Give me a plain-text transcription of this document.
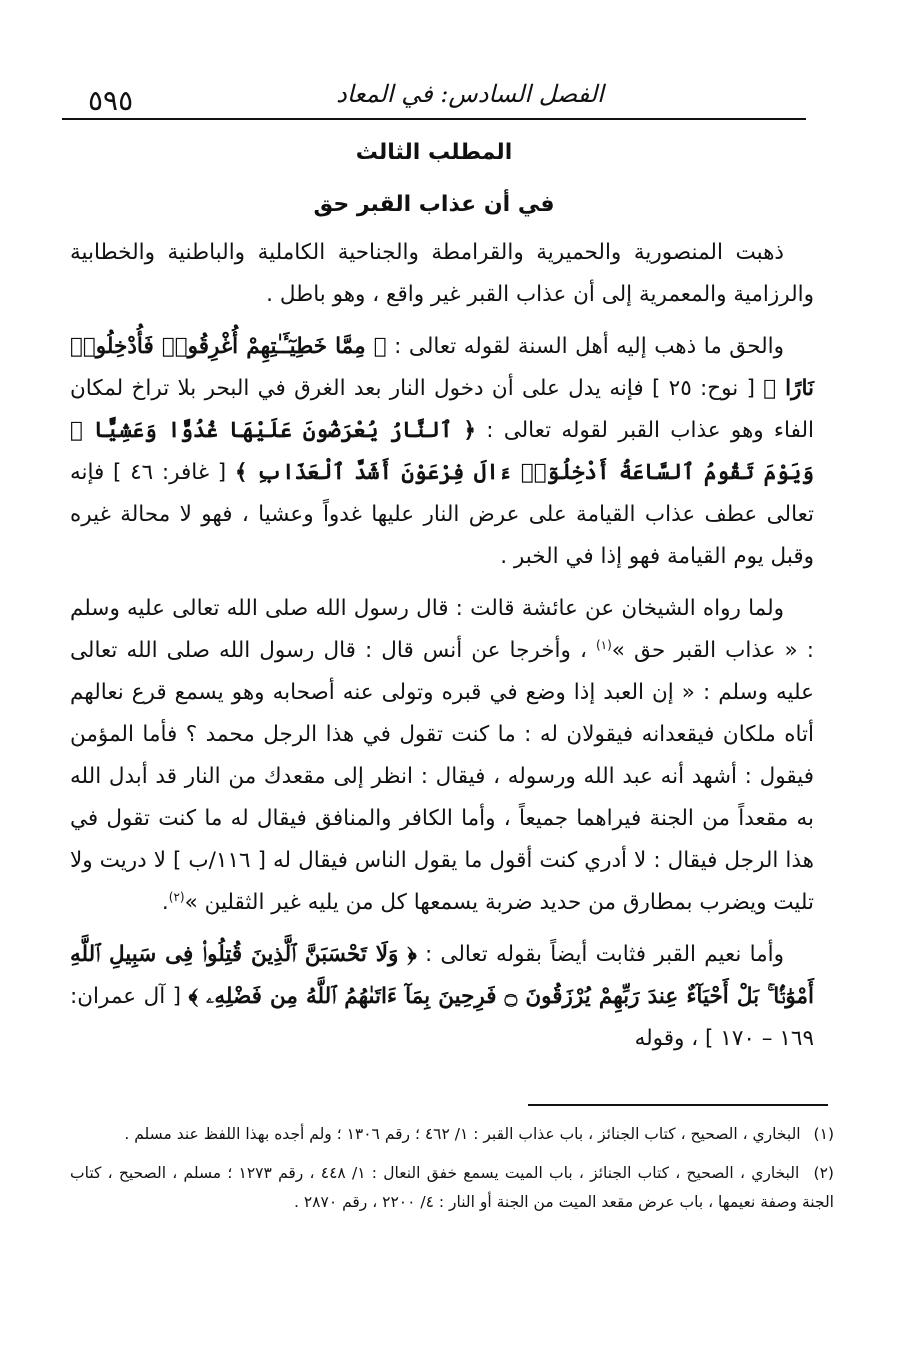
٥٩٥	الفصل السادس: في المعاد
المطلب الثالث
في أن عذاب القبر حق

ذهبت المنصورية والحميرية والقرامطة والجناحية الكاملية والباطنية والخطابية والرزامية والمعمرية إلى أن عذاب القبر غير واقع ، وهو باطل .

والحق ما ذهب إليه أهل السنة لقوله تعالى : ﴿ مِمَّا خَطِيٓـَٔـٰتِهِمْ أُغْرِقُوا۟ فَأُدْخِلُوا۟ نَارًا ﴾ [ نوح: ٢٥ ] فإنه يدل على أن دخول النار بعد الغرق في البحر بلا تراخ لمكان الفاء وهو عذاب القبر لقوله تعالى : ﴿ ٱلنَّارُ يُعْرَضُونَ عَلَيْهَا غُدُوًّا وَعَشِيًّا ۖ وَيَوْمَ تَقُومُ ٱلسَّاعَةُ أَدْخِلُوٓا۟ ءَالَ فِرْعَوْنَ أَشَدَّ ٱلْعَذَابِ ﴾ [ غافر: ٤٦ ] فإنه تعالى عطف عذاب القيامة على عرض النار عليها غدواً وعشيا ، فهو لا محالة غيره وقبل يوم القيامة فهو إذا في الخبر .

ولما رواه الشيخان عن عائشة قالت : قال رسول الله صلى الله تعالى عليه وسلم : « عذاب القبر حق »$^{(١)}$ ، وأخرجا عن أنس قال : قال رسول الله صلى الله تعالى عليه وسلم : « إن العبد إذا وضع في قبره وتولى عنه أصحابه وهو يسمع قرع نعالهم أتاه ملكان فيقعدانه فيقولان له : ما كنت تقول في هذا الرجل محمد ؟ فأما المؤمن فيقول : أشهد أنه عبد الله ورسوله ، فيقال : انظر إلى مقعدك من النار قد أبدل الله به مقعداً من الجنة فيراهما جميعاً ، وأما الكافر والمنافق فيقال له ما كنت تقول في هذا الرجل فيقال : لا أدري كنت أقول ما يقول الناس فيقال له [ ١١٦/ب ] لا دريت ولا تليت ويضرب بمطارق من حديد ضربة يسمعها كل من يليه غير الثقلين »$^{(٢)}$.

وأما نعيم القبر فثابت أيضاً بقوله تعالى : ﴿ وَلَا تَحْسَبَنَّ ٱلَّذِينَ قُتِلُوا۟ فِى سَبِيلِ ٱللَّهِ أَمْوَٰتًۢا ۚ بَلْ أَحْيَآءٌ عِندَ رَبِّهِمْ يُرْزَقُونَ ۝ فَرِحِينَ بِمَآ ءَاتَىٰهُمُ ٱللَّهُ مِن فَضْلِهِۦ ﴾ [ آل عمران: ١٦٩ – ١٧٠ ] ، وقوله

(١) البخاري ، الصحيح ، كتاب الجنائز ، باب عذاب القبر : ١/ ٤٦٢ ؛ رقم ١٣٠٦ ؛ ولم أجده بهذا اللفظ عند مسلم .

(٢) البخاري ، الصحيح ، كتاب الجنائز ، باب الميت يسمع خفق النعال : ١/ ٤٤٨ ، رقم ١٢٧٣ ؛ مسلم ، الصحيح ، كتاب الجنة وصفة نعيمها ، باب عرض مقعد الميت من الجنة أو النار : ٤/ ٢٢٠٠ ، رقم ٢٨٧٠ .
